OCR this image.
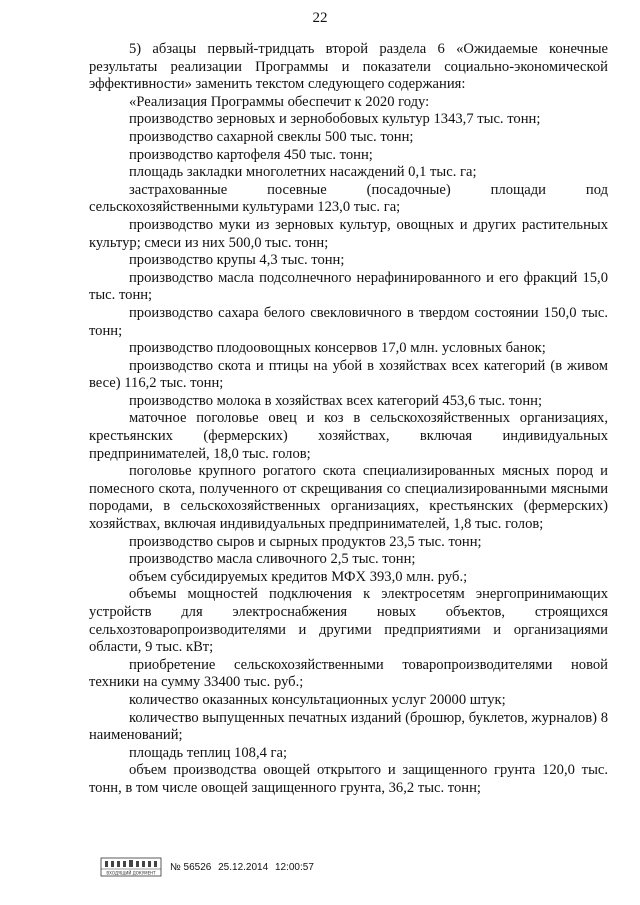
22

5) абзацы первый-тридцать второй раздела 6 «Ожидаемые конечные результаты реализации Программы и показатели социально-экономической эффективности» заменить текстом следующего содержания:

«Реализация Программы обеспечит к 2020 году:

производство зерновых и зернобобовых культур 1343,7 тыс. тонн;

производство сахарной свеклы 500 тыс. тонн;

производство картофеля 450 тыс. тонн;

площадь закладки многолетних насаждений 0,1 тыс. га;

застрахованные посевные (посадочные) площади под сельскохозяйственными культурами 123,0 тыс. га;

производство муки из зерновых культур, овощных и других растительных культур; смеси из них 500,0 тыс. тонн;

производство крупы 4,3 тыс. тонн;

производство масла подсолнечного нерафинированного и его фракций 15,0 тыс. тонн;

производство сахара белого свекловичного в твердом состоянии 150,0 тыс. тонн;

производство плодоовощных консервов 17,0 млн. условных банок;

производство скота и птицы на убой в хозяйствах всех категорий (в живом весе) 116,2 тыс. тонн;

производство молока в хозяйствах всех категорий 453,6 тыс. тонн;

маточное поголовье овец и коз в сельскохозяйственных организациях, крестьянских (фермерских) хозяйствах, включая индивидуальных предпринимателей, 18,0 тыс. голов;

поголовье крупного рогатого скота специализированных мясных пород и помесного скота, полученного от скрещивания со специализированными мясными породами, в сельскохозяйственных организациях, крестьянских (фермерских) хозяйствах, включая индивидуальных предпринимателей, 1,8 тыс. голов;

производство сыров и сырных продуктов 23,5 тыс. тонн;

производство масла сливочного 2,5 тыс. тонн;

объем субсидируемых кредитов МФХ 393,0 млн. руб.;

объемы мощностей подключения к электросетям энергопринимающих устройств для электроснабжения новых объектов, строящихся сельхозтоваропроизводителями и другими предприятиями и организациями области, 9 тыс. кВт;

приобретение сельскохозяйственными товаропроизводителями новой техники на сумму 33400 тыс. руб.;

количество оказанных консультационных услуг 20000 штук;

количество выпущенных печатных изданий (брошюр, буклетов, журналов) 8 наименований;

площадь теплиц 108,4 га;

объем производства овощей открытого и защищенного грунта 120,0 тыс. тонн, в том числе овощей защищенного грунта, 36,2 тыс. тонн;

ВХОДЯЩИЙ ДОКУМЕНТ
№ 56526 25.12.2014 12:00:57
